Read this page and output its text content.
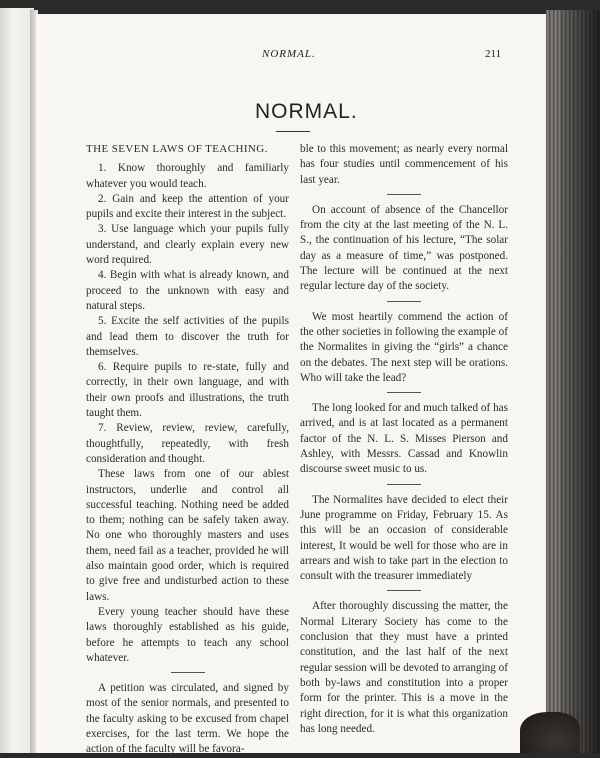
NORMAL.	211
NORMAL.

THE SEVEN LAWS OF TEACHING.

1. Know thoroughly and familiarly whatever you would teach.

2. Gain and keep the attention of your pupils and excite their interest in the subject.

3. Use language which your pupils fully understand, and clearly explain every new word required.

4. Begin with what is already known, and proceed to the unknown with easy and natural steps.

5. Excite the self activities of the pupils and lead them to discover the truth for themselves.

6. Require pupils to re-state, fully and correctly, in their own language, and with their own proofs and illustrations, the truth taught them.

7. Review, review, review, carefully, thoughtfully, repeatedly, with fresh consideration and thought.

These laws from one of our ablest instructors, underlie and control all successful teaching. Nothing need be added to them; nothing can be safely taken away. No one who thoroughly masters and uses them, need fail as a teacher, provided he will also maintain good order, which is required to give free and undisturbed action to these laws.

Every young teacher should have these laws thoroughly established as his guide, before he attempts to teach any school whatever.

A petition was circulated, and signed by most of the senior normals, and presented to the faculty asking to be excused from chapel exercises, for the last term. We hope the action of the faculty will be favora-

ble to this movement; as nearly every normal has four studies until commencement of his last year.

On account of absence of the Chancellor from the city at the last meeting of the N. L. S., the continuation of his lecture, “The solar day as a measure of time,” was postponed. The lecture will be continued at the next regular lecture day of the society.

We most heartily commend the action of the other societies in following the example of the Normalites in giving the “girls” a chance on the debates. The next step will be orations. Who will take the lead?

The long looked for and much talked of has arrived, and is at last located as a permanent factor of the N. L. S. Misses Pierson and Ashley, with Messrs. Cassad and Knowlin discourse sweet music to us.

The Normalites have decided to elect their June programme on Friday, February 15. As this will be an occasion of considerable interest, It would be well for those who are in arrears and wish to take part in the election to consult with the treasurer immediately

After thoroughly discussing the matter, the Normal Literary Society has come to the conclusion that they must have a printed constitution, and the last half of the next regular session will be devoted to arranging of both by-laws and constitution into a proper form for the printer. This is a move in the right direction, for it is what this organization has long needed.
